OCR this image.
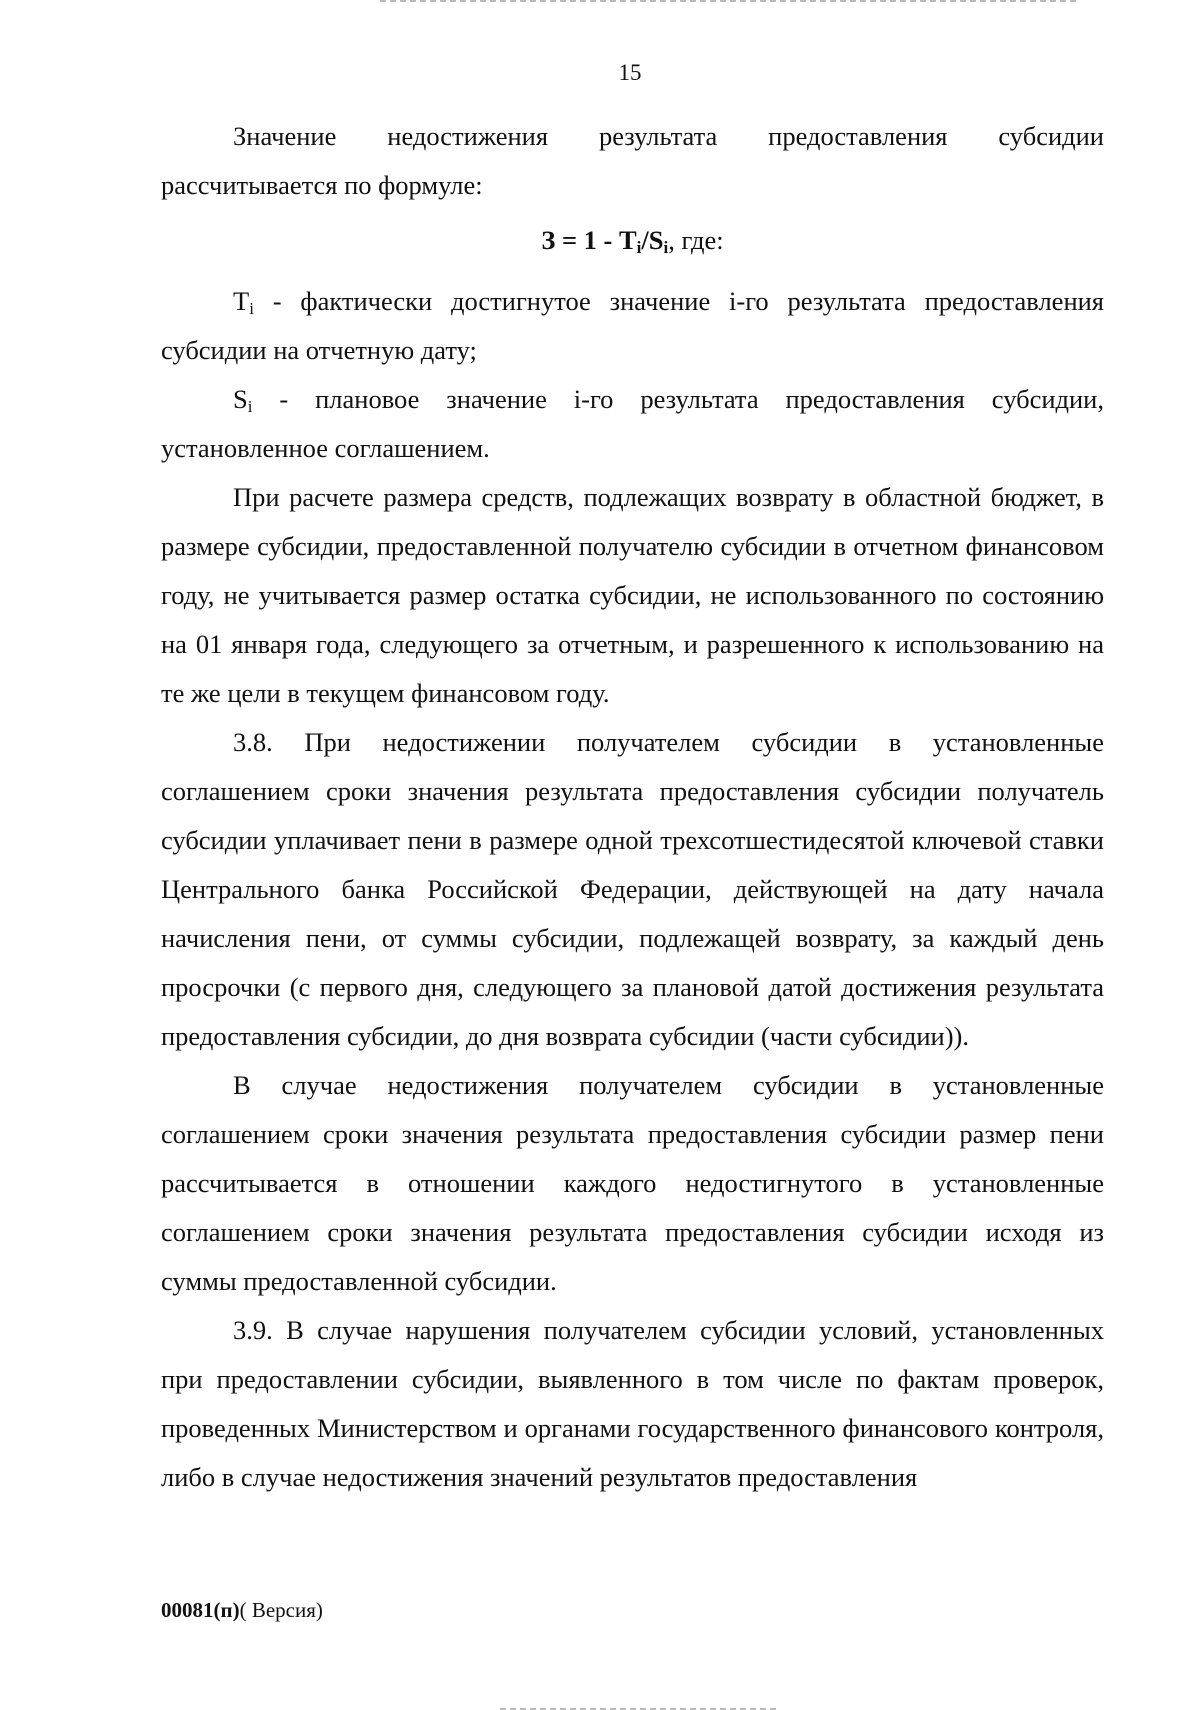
15

Значение недостижения результата предоставления субсидии рассчитывается по формуле:

$З = 1 - T_i/S_i$, где:

$T_i$ - фактически достигнутое значение i-го результата предоставления субсидии на отчетную дату;

$S_i$ - плановое значение i-го результата предоставления субсидии, установленное соглашением.

При расчете размера средств, подлежащих возврату в областной бюджет, в размере субсидии, предоставленной получателю субсидии в отчетном финансовом году, не учитывается размер остатка субсидии, не использованного по состоянию на 01 января года, следующего за отчетным, и разрешенного к использованию на те же цели в текущем финансовом году.

3.8. При недостижении получателем субсидии в установленные соглашением сроки значения результата предоставления субсидии получатель субсидии уплачивает пени в размере одной трехсотшестидесятой ключевой ставки Центрального банка Российской Федерации, действующей на дату начала начисления пени, от суммы субсидии, подлежащей возврату, за каждый день просрочки (с первого дня, следующего за плановой датой достижения результата предоставления субсидии, до дня возврата субсидии (части субсидии)).

В случае недостижения получателем субсидии в установленные соглашением сроки значения результата предоставления субсидии размер пени рассчитывается в отношении каждого недостигнутого в установленные соглашением сроки значения результата предоставления субсидии исходя из суммы предоставленной субсидии.

3.9. В случае нарушения получателем субсидии условий, установленных при предоставлении субсидии, выявленного в том числе по фактам проверок, проведенных Министерством и органами государственного финансового контроля, либо в случае недостижения значений результатов предоставления

00081(п)( Версия)
